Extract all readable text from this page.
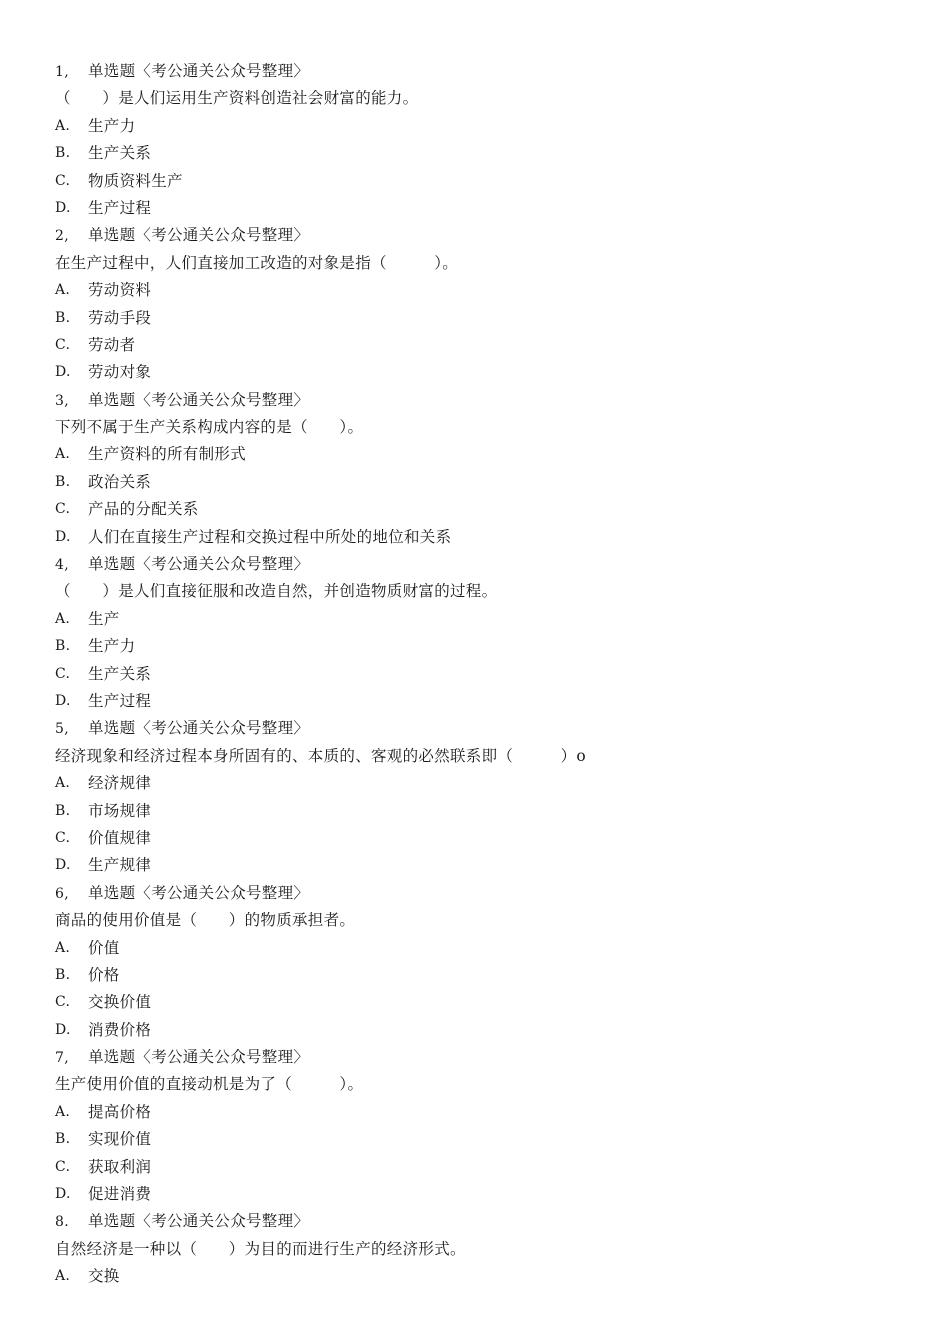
1, 单选题〈考公通关公众号整理〉
（　　）是人们运用生产资料创造社会财富的能力。
A.	生产力
B.	生产关系
C.	物质资料生产
D.	生产过程
2, 单选题〈考公通关公众号整理〉
在生产过程中，人们直接加工改造的对象是指（　　　）。
A.	劳动资料
B.	劳动手段
C.	劳动者
D.	劳动对象
3, 单选题〈考公通关公众号整理〉
下列不属于生产关系构成内容的是（　　）。
A.	生产资料的所有制形式
B.	政治关系
C.	产品的分配关系
D.	人们在直接生产过程和交换过程中所处的地位和关系
4, 单选题〈考公通关公众号整理〉
（　　）是人们直接征服和改造自然，并创造物质财富的过程。
A.	生产
B.	生产力
C.	生产关系
D.	生产过程
5, 单选题〈考公通关公众号整理〉
经济现象和经济过程本身所固有的、本质的、客观的必然联系即（　　　）o
A.	经济规律
B.	市场规律
C.	价值规律
D.	生产规律
6, 单选题〈考公通关公众号整理〉
商品的使用价值是（　　）的物质承担者。
A.	价值
B.	价格
C.	交换价值
D.	消费价格
7, 单选题〈考公通关公众号整理〉
生产使用价值的直接动机是为了（　　　）。
A.	提高价格
B.	实现价值
C.	获取利润
D.	促进消费
8. 单选题〈考公通关公众号整理〉
自然经济是一种以（　　）为目的而进行生产的经济形式。
A.	交换
